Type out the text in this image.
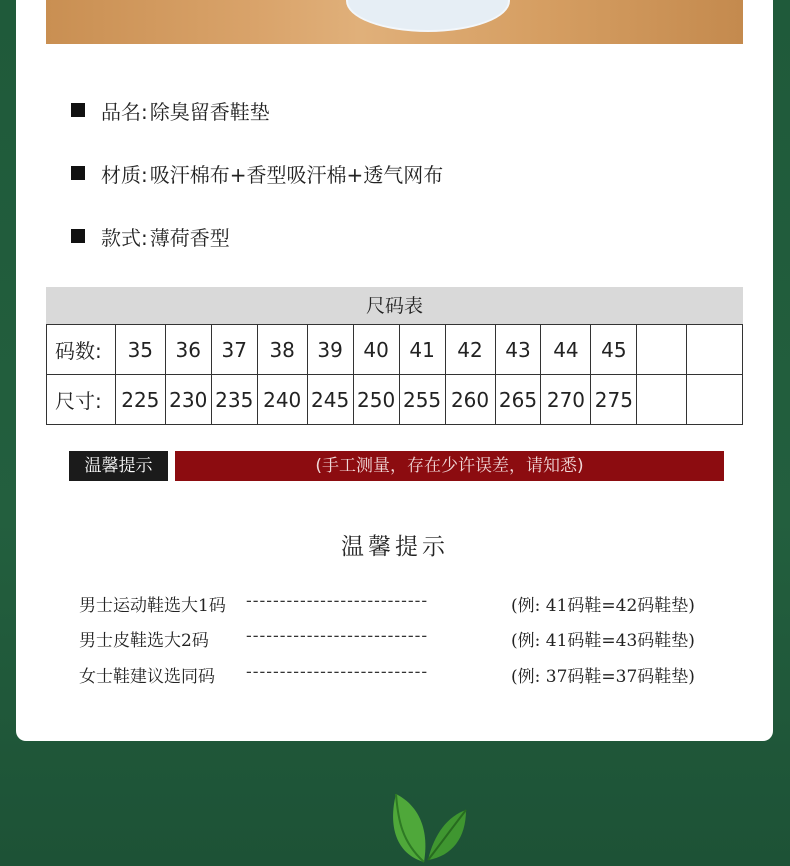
品名: 除臭留香鞋垫
材质: 吸汗棉布+香型吸汗棉+透气网布
款式: 薄荷香型
尺码表
码数:	35	36	37	38	39	40	41	42	43	44	45		
尺寸:	225	230	235	240	245	250	255	260	265	270	275		
温馨提示	(手工测量，存在少许误差，请知悉)
温馨提示
男士运动鞋选大1码 ---------------------------	(例: 41码鞋=42码鞋垫)
男士皮鞋选大2码 ---------------------------	(例: 41码鞋=43码鞋垫)
女士鞋建议选同码 ---------------------------	(例: 37码鞋=37码鞋垫)
